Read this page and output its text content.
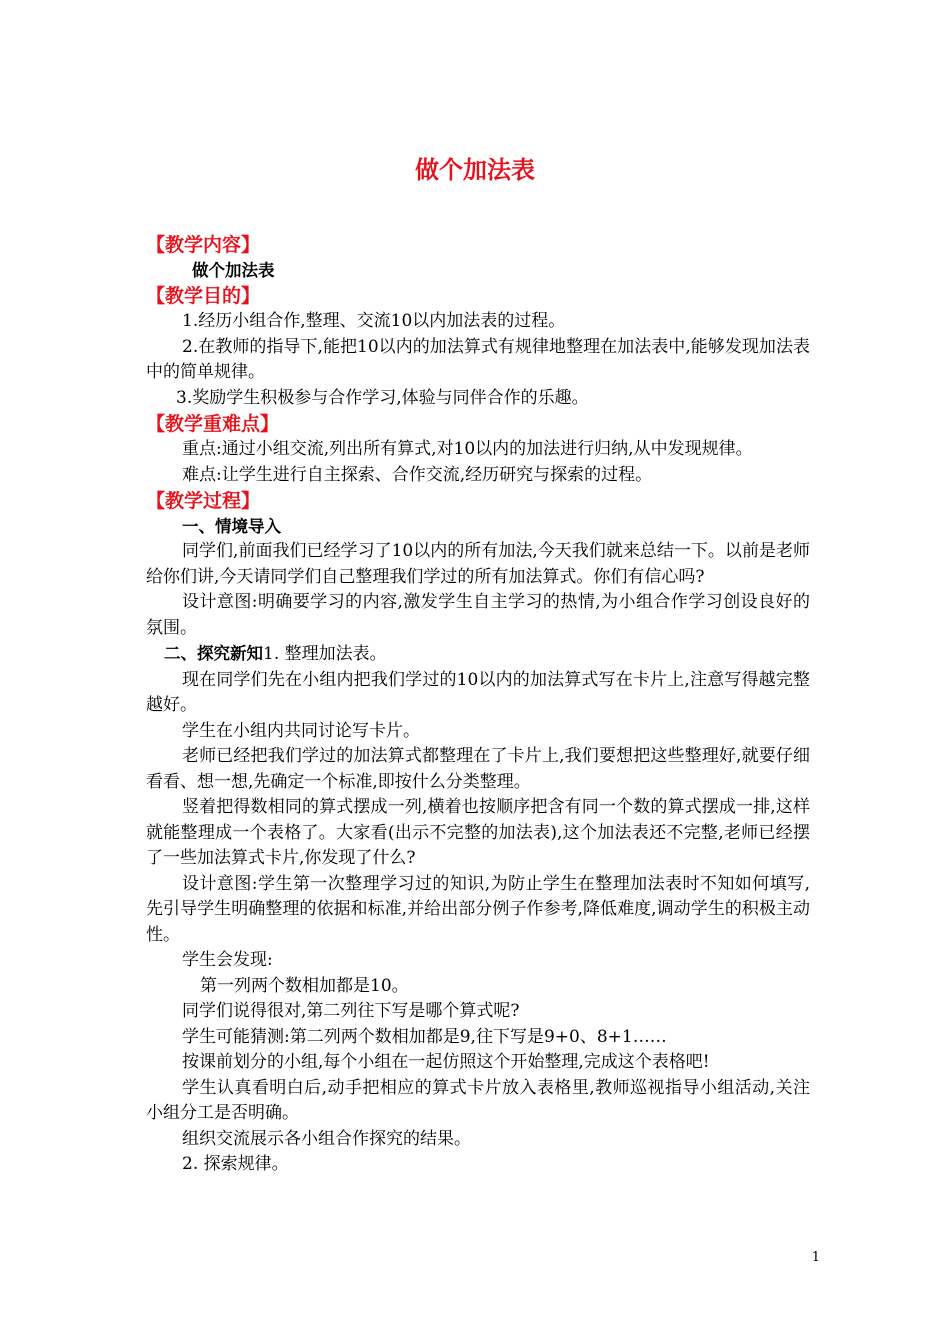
做个加法表
【教学内容】
做个加法表
【教学目的】

1.经历小组合作,整理、交流10以内加法表的过程。

2.在教师的指导下,能把10以内的加法算式有规律地整理在加法表中,能够发现加法表中的简单规律。

3.奖励学生积极参与合作学习,体验与同伴合作的乐趣。

【教学重难点】

重点:通过小组交流,列出所有算式,对10以内的加法进行归纳,从中发现规律。

难点:让学生进行自主探索、合作交流,经历研究与探索的过程。

【教学过程】
一、情境导入

同学们,前面我们已经学习了10以内的所有加法,今天我们就来总结一下。以前是老师给你们讲,今天请同学们自己整理我们学过的所有加法算式。你们有信心吗?

设计意图:明确要学习的内容,激发学生自主学习的热情,为小组合作学习创设良好的氛围。

二、探究新知1. 整理加法表。

现在同学们先在小组内把我们学过的10以内的加法算式写在卡片上,注意写得越完整越好。

学生在小组内共同讨论写卡片。

老师已经把我们学过的加法算式都整理在了卡片上,我们要想把这些整理好,就要仔细看看、想一想,先确定一个标准,即按什么分类整理。

竖着把得数相同的算式摆成一列,横着也按顺序把含有同一个数的算式摆成一排,这样就能整理成一个表格了。大家看(出示不完整的加法表),这个加法表还不完整,老师已经摆了一些加法算式卡片,你发现了什么?

设计意图:学生第一次整理学习过的知识,为防止学生在整理加法表时不知如何填写,先引导学生明确整理的依据和标准,并给出部分例子作参考,降低难度,调动学生的积极主动性。

学生会发现:

第一列两个数相加都是10。

同学们说得很对,第二列往下写是哪个算式呢?

学生可能猜测:第二列两个数相加都是9,往下写是9+0、8+1……

按课前划分的小组,每个小组在一起仿照这个开始整理,完成这个表格吧!

学生认真看明白后,动手把相应的算式卡片放入表格里,教师巡视指导小组活动,关注小组分工是否明确。

组织交流展示各小组合作探究的结果。

2. 探索规律。

1
